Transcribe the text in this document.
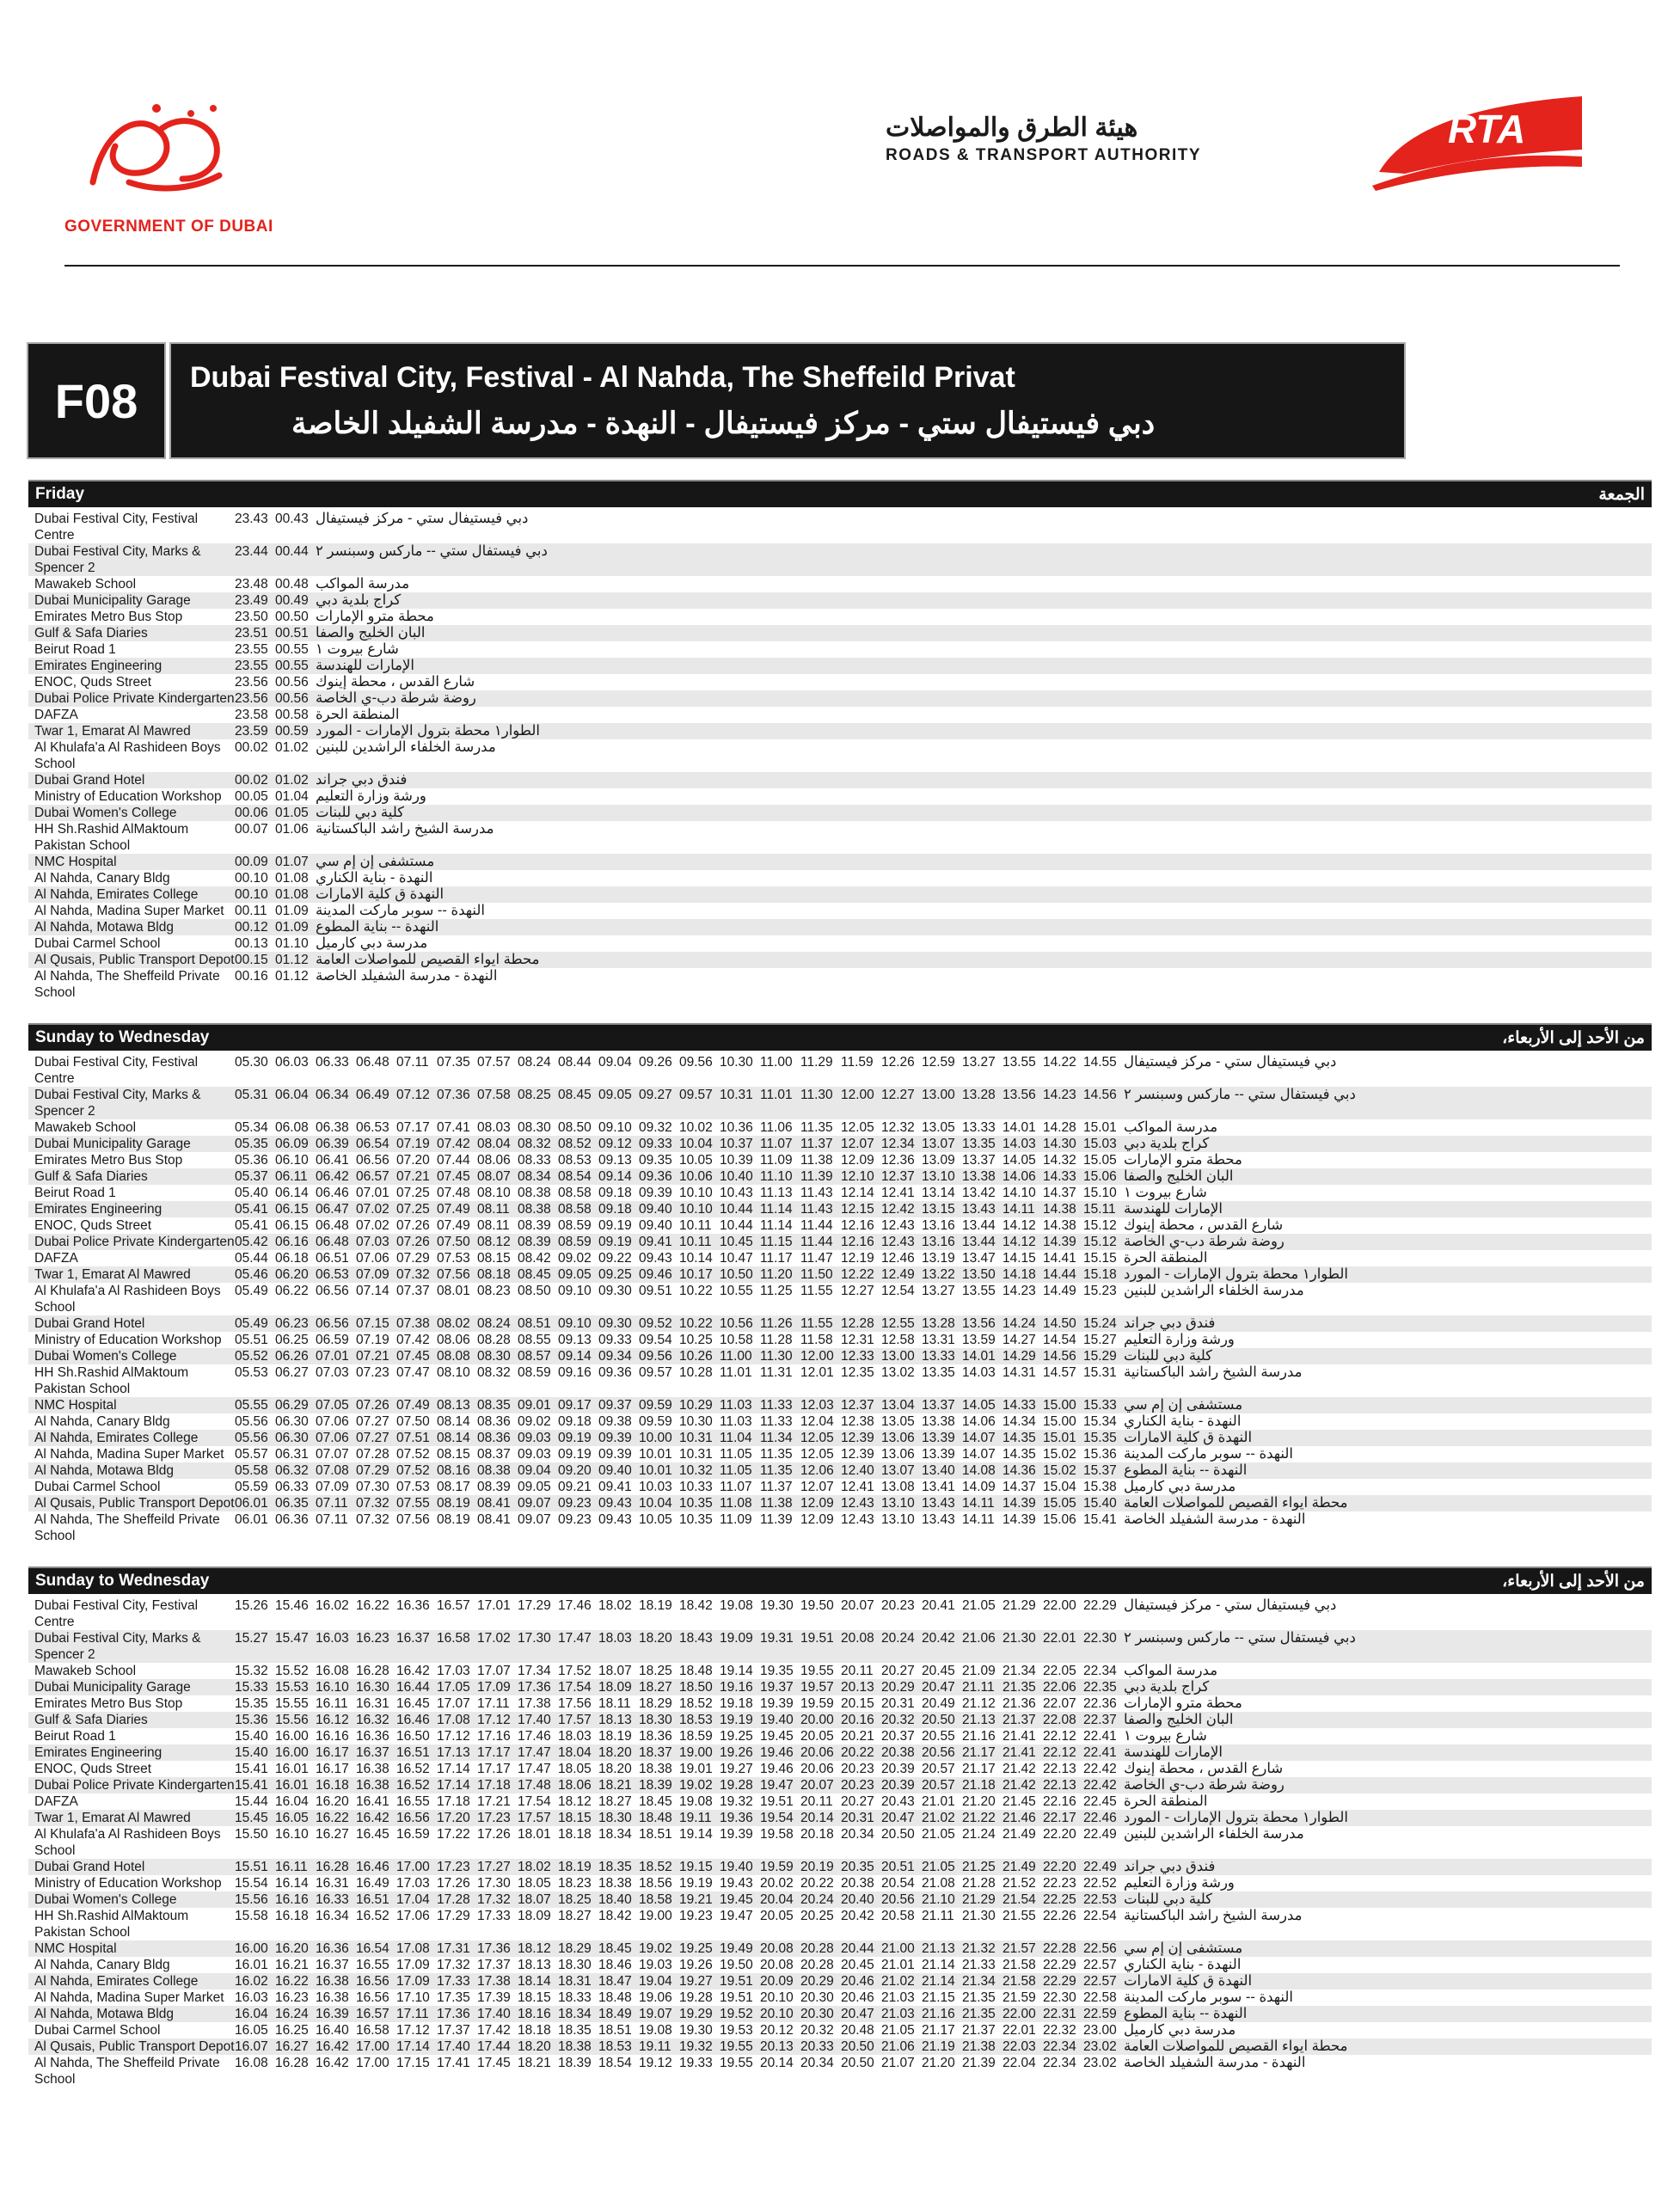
GOVERNMENT OF DUBAI
هيئة الطرق والمواصلات
ROADS & TRANSPORT AUTHORITY
RTA
F08	Dubai Festival City, Festival - Al Nahda, The Sheffeild Privat
دبي فيستيفال ستي - مركز فيستيفال - النهدة - مدرسة الشفيلد الخاصة
Friday	الجمعة
Dubai Festival City, Festival Centre
23.43 00.43 دبي فيستيفال ستي - مركز فيستيفال
Dubai Festival City, Marks & Spencer 2
23.44 00.44 دبي فيستفال ستي -- ماركس وسبنسر ٢
Mawakeb School	23.48 00.48 مدرسة المواكب
Dubai Municipality Garage	23.49 00.49 كراج بلدية دبي
Emirates Metro Bus Stop	23.50 00.50 محطة مترو الإمارات
Gulf & Safa Diaries	23.51 00.51 البان الخليج والصفا
Beirut Road 1	23.55 00.55 شارع بيروت ١
Emirates Engineering	23.55 00.55 الإمارات للهندسة
ENOC, Quds Street	23.56 00.56 شارع القدس ، محطة إينوك
Dubai Police Private Kindergarten 23.56 00.56 روضة شرطة دب-ي الخاصة
DAFZA	23.58 00.58 المنطقة الحرة
Twar 1, Emarat Al Mawred	23.59 00.59 الطوار١ محطة بترول الإمارات - المورد
Al Khulafa'a Al Rashideen Boys School
00.02 01.02 مدرسة الخلفاء الراشدين للبنين
Dubai Grand Hotel	00.02 01.02 فندق دبي جراند
Ministry of Education Workshop 00.05 01.04 ورشة وزارة التعليم
Dubai Women's College	00.06 01.05 كلية دبي للبنات
HH Sh.Rashid AlMaktoum Pakistan School
00.07 01.06 مدرسة الشيخ راشد الباكستانية
NMC Hospital	00.09 01.07 مستشفى إن إم سي
Al Nahda, Canary Bldg	00.10 01.08 النهدة - بناية الكناري
Al Nahda, Emirates College	00.10 01.08 النهدة ق كلية الامارات
Al Nahda, Madina Super Market 00.11 01.09 النهدة -- سوبر ماركت المدينة
Al Nahda, Motawa Bldg	00.12 01.09 النهدة -- بناية المطوع
Dubai Carmel School	00.13 01.10 مدرسة دبي كارميل
Al Qusais, Public Transport Depot 00.15 01.12 محطة ايواء القصيص للمواصلات العامة
Al Nahda, The Sheffeild Private School
00.16 01.12 النهدة - مدرسة الشفيلد الخاصة
Sunday to Wednesday	من الأحد إلى الأربعاء،
Dubai Festival City, Festival Centre
05.30 06.03 06.33 06.48 07.11 07.35 07.57 08.24 08.44 09.04 09.26 09.56 10.30 11.00 11.29 11.59 12.26 12.59 13.27 13.55 14.22 14.55 دبي فيستيفال ستي - مركز فيستيفال
Dubai Festival City, Marks & Spencer 2
05.31 06.04 06.34 06.49 07.12 07.36 07.58 08.25 08.45 09.05 09.27 09.57 10.31 11.01 11.30 12.00 12.27 13.00 13.28 13.56 14.23 14.56 دبي فيستفال ستي -- ماركس وسبنسر ٢
Mawakeb School	05.34 06.08 06.38 06.53 07.17 07.41 08.03 08.30 08.50 09.10 09.32 10.02 10.36 11.06 11.35 12.05 12.32 13.05 13.33 14.01 14.28 15.01 مدرسة المواكب
Dubai Municipality Garage	05.35 06.09 06.39 06.54 07.19 07.42 08.04 08.32 08.52 09.12 09.33 10.04 10.37 11.07 11.37 12.07 12.34 13.07 13.35 14.03 14.30 15.03 كراج بلدية دبي
Emirates Metro Bus Stop	05.36 06.10 06.41 06.56 07.20 07.44 08.06 08.33 08.53 09.13 09.35 10.05 10.39 11.09 11.38 12.09 12.36 13.09 13.37 14.05 14.32 15.05 محطة مترو الإمارات
Gulf & Safa Diaries	05.37 06.11 06.42 06.57 07.21 07.45 08.07 08.34 08.54 09.14 09.36 10.06 10.40 11.10 11.39 12.10 12.37 13.10 13.38 14.06 14.33 15.06 البان الخليج والصفا
Beirut Road 1	05.40 06.14 06.46 07.01 07.25 07.48 08.10 08.38 08.58 09.18 09.39 10.10 10.43 11.13 11.43 12.14 12.41 13.14 13.42 14.10 14.37 15.10 شارع بيروت ١
Emirates Engineering	05.41 06.15 06.47 07.02 07.25 07.49 08.11 08.38 08.58 09.18 09.40 10.10 10.44 11.14 11.43 12.15 12.42 13.15 13.43 14.11 14.38 15.11 الإمارات للهندسة
ENOC, Quds Street	05.41 06.15 06.48 07.02 07.26 07.49 08.11 08.39 08.59 09.19 09.40 10.11 10.44 11.14 11.44 12.16 12.43 13.16 13.44 14.12 14.38 15.12 شارع القدس ، محطة إينوك
Dubai Police Private Kindergarten 05.42 06.16 06.48 07.03 07.26 07.50 08.12 08.39 08.59 09.19 09.41 10.11 10.45 11.15 11.44 12.16 12.43 13.16 13.44 14.12 14.39 15.12 روضة شرطة دب-ي الخاصة
DAFZA	05.44 06.18 06.51 07.06 07.29 07.53 08.15 08.42 09.02 09.22 09.43 10.14 10.47 11.17 11.47 12.19 12.46 13.19 13.47 14.15 14.41 15.15 المنطقة الحرة
Twar 1, Emarat Al Mawred	05.46 06.20 06.53 07.09 07.32 07.56 08.18 08.45 09.05 09.25 09.46 10.17 10.50 11.20 11.50 12.22 12.49 13.22 13.50 14.18 14.44 15.18 الطوار١ محطة بترول الإمارات - المورد
Al Khulafa'a Al Rashideen Boys School
05.49 06.22 06.56 07.14 07.37 08.01 08.23 08.50 09.10 09.30 09.51 10.22 10.55 11.25 11.55 12.27 12.54 13.27 13.55 14.23 14.49 15.23 مدرسة الخلفاء الراشدين للبنين
Dubai Grand Hotel	05.49 06.23 06.56 07.15 07.38 08.02 08.24 08.51 09.10 09.30 09.52 10.22 10.56 11.26 11.55 12.28 12.55 13.28 13.56 14.24 14.50 15.24 فندق دبي جراند
Ministry of Education Workshop 05.51 06.25 06.59 07.19 07.42 08.06 08.28 08.55 09.13 09.33 09.54 10.25 10.58 11.28 11.58 12.31 12.58 13.31 13.59 14.27 14.54 15.27 ورشة وزارة التعليم
Dubai Women's College	05.52 06.26 07.01 07.21 07.45 08.08 08.30 08.57 09.14 09.34 09.56 10.26 11.00 11.30 12.00 12.33 13.00 13.33 14.01 14.29 14.56 15.29 كلية دبي للبنات
HH Sh.Rashid AlMaktoum Pakistan School
05.53 06.27 07.03 07.23 07.47 08.10 08.32 08.59 09.16 09.36 09.57 10.28 11.01 11.31 12.01 12.35 13.02 13.35 14.03 14.31 14.57 15.31 مدرسة الشيخ راشد الباكستانية
NMC Hospital	05.55 06.29 07.05 07.26 07.49 08.13 08.35 09.01 09.17 09.37 09.59 10.29 11.03 11.33 12.03 12.37 13.04 13.37 14.05 14.33 15.00 15.33 مستشفى إن إم سي
Al Nahda, Canary Bldg	05.56 06.30 07.06 07.27 07.50 08.14 08.36 09.02 09.18 09.38 09.59 10.30 11.03 11.33 12.04 12.38 13.05 13.38 14.06 14.34 15.00 15.34 النهدة - بناية الكناري
Al Nahda, Emirates College	05.56 06.30 07.06 07.27 07.51 08.14 08.36 09.03 09.19 09.39 10.00 10.31 11.04 11.34 12.05 12.39 13.06 13.39 14.07 14.35 15.01 15.35 النهدة ق كلية الامارات
Al Nahda, Madina Super Market 05.57 06.31 07.07 07.28 07.52 08.15 08.37 09.03 09.19 09.39 10.01 10.31 11.05 11.35 12.05 12.39 13.06 13.39 14.07 14.35 15.02 15.36 النهدة -- سوبر ماركت المدينة
Al Nahda, Motawa Bldg	05.58 06.32 07.08 07.29 07.52 08.16 08.38 09.04 09.20 09.40 10.01 10.32 11.05 11.35 12.06 12.40 13.07 13.40 14.08 14.36 15.02 15.37 النهدة -- بناية المطوع
Dubai Carmel School	05.59 06.33 07.09 07.30 07.53 08.17 08.39 09.05 09.21 09.41 10.03 10.33 11.07 11.37 12.07 12.41 13.08 13.41 14.09 14.37 15.04 15.38 مدرسة دبي كارميل
Al Qusais, Public Transport Depot 06.01 06.35 07.11 07.32 07.55 08.19 08.41 09.07 09.23 09.43 10.04 10.35 11.08 11.38 12.09 12.43 13.10 13.43 14.11 14.39 15.05 15.40 محطة ايواء القصيص للمواصلات العامة
Al Nahda, The Sheffeild Private School
06.01 06.36 07.11 07.32 07.56 08.19 08.41 09.07 09.23 09.43 10.05 10.35 11.09 11.39 12.09 12.43 13.10 13.43 14.11 14.39 15.06 15.41 النهدة - مدرسة الشفيلد الخاصة
Sunday to Wednesday	من الأحد إلى الأربعاء،
Dubai Festival City, Festival Centre
15.26 15.46 16.02 16.22 16.36 16.57 17.01 17.29 17.46 18.02 18.19 18.42 19.08 19.30 19.50 20.07 20.23 20.41 21.05 21.29 22.00 22.29 دبي فيستيفال ستي - مركز فيستيفال
Dubai Festival City, Marks & Spencer 2
15.27 15.47 16.03 16.23 16.37 16.58 17.02 17.30 17.47 18.03 18.20 18.43 19.09 19.31 19.51 20.08 20.24 20.42 21.06 21.30 22.01 22.30 دبي فيستفال ستي -- ماركس وسبنسر ٢
Mawakeb School	15.32 15.52 16.08 16.28 16.42 17.03 17.07 17.34 17.52 18.07 18.25 18.48 19.14 19.35 19.55 20.11 20.27 20.45 21.09 21.34 22.05 22.34 مدرسة المواكب
Dubai Municipality Garage	15.33 15.53 16.10 16.30 16.44 17.05 17.09 17.36 17.54 18.09 18.27 18.50 19.16 19.37 19.57 20.13 20.29 20.47 21.11 21.35 22.06 22.35 كراج بلدية دبي
Emirates Metro Bus Stop	15.35 15.55 16.11 16.31 16.45 17.07 17.11 17.38 17.56 18.11 18.29 18.52 19.18 19.39 19.59 20.15 20.31 20.49 21.12 21.36 22.07 22.36 محطة مترو الإمارات
Gulf & Safa Diaries	15.36 15.56 16.12 16.32 16.46 17.08 17.12 17.40 17.57 18.13 18.30 18.53 19.19 19.40 20.00 20.16 20.32 20.50 21.13 21.37 22.08 22.37 البان الخليج والصفا
Beirut Road 1	15.40 16.00 16.16 16.36 16.50 17.12 17.16 17.46 18.03 18.19 18.36 18.59 19.25 19.45 20.05 20.21 20.37 20.55 21.16 21.41 22.12 22.41 شارع بيروت ١
Emirates Engineering	15.40 16.00 16.17 16.37 16.51 17.13 17.17 17.47 18.04 18.20 18.37 19.00 19.26 19.46 20.06 20.22 20.38 20.56 21.17 21.41 22.12 22.41 الإمارات للهندسة
ENOC, Quds Street	15.41 16.01 16.17 16.38 16.52 17.14 17.17 17.47 18.05 18.20 18.38 19.01 19.27 19.46 20.06 20.23 20.39 20.57 21.17 21.42 22.13 22.42 شارع القدس ، محطة إينوك
Dubai Police Private Kindergarten 15.41 16.01 16.18 16.38 16.52 17.14 17.18 17.48 18.06 18.21 18.39 19.02 19.28 19.47 20.07 20.23 20.39 20.57 21.18 21.42 22.13 22.42 روضة شرطة دب-ي الخاصة
DAFZA	15.44 16.04 16.20 16.41 16.55 17.18 17.21 17.54 18.12 18.27 18.45 19.08 19.32 19.51 20.11 20.27 20.43 21.01 21.20 21.45 22.16 22.45 المنطقة الحرة
Twar 1, Emarat Al Mawred	15.45 16.05 16.22 16.42 16.56 17.20 17.23 17.57 18.15 18.30 18.48 19.11 19.36 19.54 20.14 20.31 20.47 21.02 21.22 21.46 22.17 22.46 الطوار١ محطة بترول الإمارات - المورد
Al Khulafa'a Al Rashideen Boys School
15.50 16.10 16.27 16.45 16.59 17.22 17.26 18.01 18.18 18.34 18.51 19.14 19.39 19.58 20.18 20.34 20.50 21.05 21.24 21.49 22.20 22.49 مدرسة الخلفاء الراشدين للبنين
Dubai Grand Hotel	15.51 16.11 16.28 16.46 17.00 17.23 17.27 18.02 18.19 18.35 18.52 19.15 19.40 19.59 20.19 20.35 20.51 21.05 21.25 21.49 22.20 22.49 فندق دبي جراند
Ministry of Education Workshop 15.54 16.14 16.31 16.49 17.03 17.26 17.30 18.05 18.23 18.38 18.56 19.19 19.43 20.02 20.22 20.38 20.54 21.08 21.28 21.52 22.23 22.52 ورشة وزارة التعليم
Dubai Women's College	15.56 16.16 16.33 16.51 17.04 17.28 17.32 18.07 18.25 18.40 18.58 19.21 19.45 20.04 20.24 20.40 20.56 21.10 21.29 21.54 22.25 22.53 كلية دبي للبنات
HH Sh.Rashid AlMaktoum Pakistan School
15.58 16.18 16.34 16.52 17.06 17.29 17.33 18.09 18.27 18.42 19.00 19.23 19.47 20.05 20.25 20.42 20.58 21.11 21.30 21.55 22.26 22.54 مدرسة الشيخ راشد الباكستانية
NMC Hospital	16.00 16.20 16.36 16.54 17.08 17.31 17.36 18.12 18.29 18.45 19.02 19.25 19.49 20.08 20.28 20.44 21.00 21.13 21.32 21.57 22.28 22.56 مستشفى إن إم سي
Al Nahda, Canary Bldg	16.01 16.21 16.37 16.55 17.09 17.32 17.37 18.13 18.30 18.46 19.03 19.26 19.50 20.08 20.28 20.45 21.01 21.14 21.33 21.58 22.29 22.57 النهدة - بناية الكناري
Al Nahda, Emirates College	16.02 16.22 16.38 16.56 17.09 17.33 17.38 18.14 18.31 18.47 19.04 19.27 19.51 20.09 20.29 20.46 21.02 21.14 21.34 21.58 22.29 22.57 النهدة ق كلية الامارات
Al Nahda, Madina Super Market 16.03 16.23 16.38 16.56 17.10 17.35 17.39 18.15 18.33 18.48 19.06 19.28 19.51 20.10 20.30 20.46 21.03 21.15 21.35 21.59 22.30 22.58 النهدة -- سوبر ماركت المدينة
Al Nahda, Motawa Bldg	16.04 16.24 16.39 16.57 17.11 17.36 17.40 18.16 18.34 18.49 19.07 19.29 19.52 20.10 20.30 20.47 21.03 21.16 21.35 22.00 22.31 22.59 النهدة -- بناية المطوع
Dubai Carmel School	16.05 16.25 16.40 16.58 17.12 17.37 17.42 18.18 18.35 18.51 19.08 19.30 19.53 20.12 20.32 20.48 21.05 21.17 21.37 22.01 22.32 23.00 مدرسة دبي كارميل
Al Qusais, Public Transport Depot 16.07 16.27 16.42 17.00 17.14 17.40 17.44 18.20 18.38 18.53 19.11 19.32 19.55 20.13 20.33 20.50 21.06 21.19 21.38 22.03 22.34 23.02 محطة ايواء القصيص للمواصلات العامة
Al Nahda, The Sheffeild Private School
16.08 16.28 16.42 17.00 17.15 17.41 17.45 18.21 18.39 18.54 19.12 19.33 19.55 20.14 20.34 20.50 21.07 21.20 21.39 22.04 22.34 23.02 النهدة - مدرسة الشفيلد الخاصة
